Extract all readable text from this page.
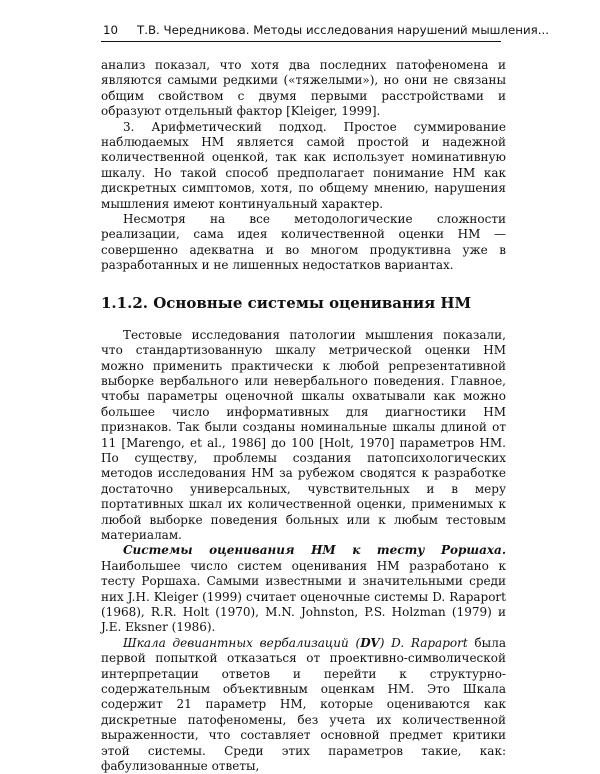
10 Т.В. Чередникова. Методы исследования нарушений мышления...

анализ показал, что хотя два последних патофеномена и являются самыми редкими («тяжелыми»), но они не связаны общим свойством с двумя первыми расстройствами и образуют отдельный фактор [Kleiger, 1999].

3. Арифметический подход. Простое суммирование наблюдаемых НМ является самой простой и надежной количественной оценкой, так как использует номинативную шкалу. Но такой способ предполагает понимание НМ как дискретных симптомов, хотя, по общему мнению, нарушения мышления имеют континуальный характер.

Несмотря на все методологические сложности реализации, сама идея количественной оценки НМ — совершенно адекватна и во многом продуктивна уже в разработанных и не лишенных недостатков вариантах.

1.1.2. Основные системы оценивания НМ

Тестовые исследования патологии мышления показали, что стандартизованную шкалу метрической оценки НМ можно применить практически к любой репрезентативной выборке вербального или невербального поведения. Главное, чтобы параметры оценочной шкалы охватывали как можно большее число информативных для диагностики НМ признаков. Так были созданы номинальные шкалы длиной от 11 [Marengo, et al., 1986] до 100 [Holt, 1970] параметров НМ. По существу, проблемы создания патопсихологических методов исследования НМ за рубежом сводятся к разработке достаточно универсальных, чувствительных и в меру портативных шкал их количественной оценки, применимых к любой выборке поведения больных или к любым тестовым материалам.

Системы оценивания НМ к тесту Роршаха. Наибольшее число систем оценивания НМ разработано к тесту Роршаха. Самыми известными и значительными среди них J.H. Kleiger (1999) считает оценочные системы D. Rapaport (1968), R.R. Holt (1970), M.N. Johnston, P.S. Holzman (1979) и J.E. Eksner (1986).

Шкала девиантных вербализаций (DV) D. Rapaport была первой попыткой отказаться от проективно-символической интерпретации ответов и перейти к структурно-содержательным объективным оценкам НМ. Это Шкала содержит 21 параметр НМ, которые оцениваются как дискретные патофеномены, без учета их количественной выраженности, что составляет основной предмет критики этой системы. Среди этих параметров такие, как: фабулизованные ответы,
